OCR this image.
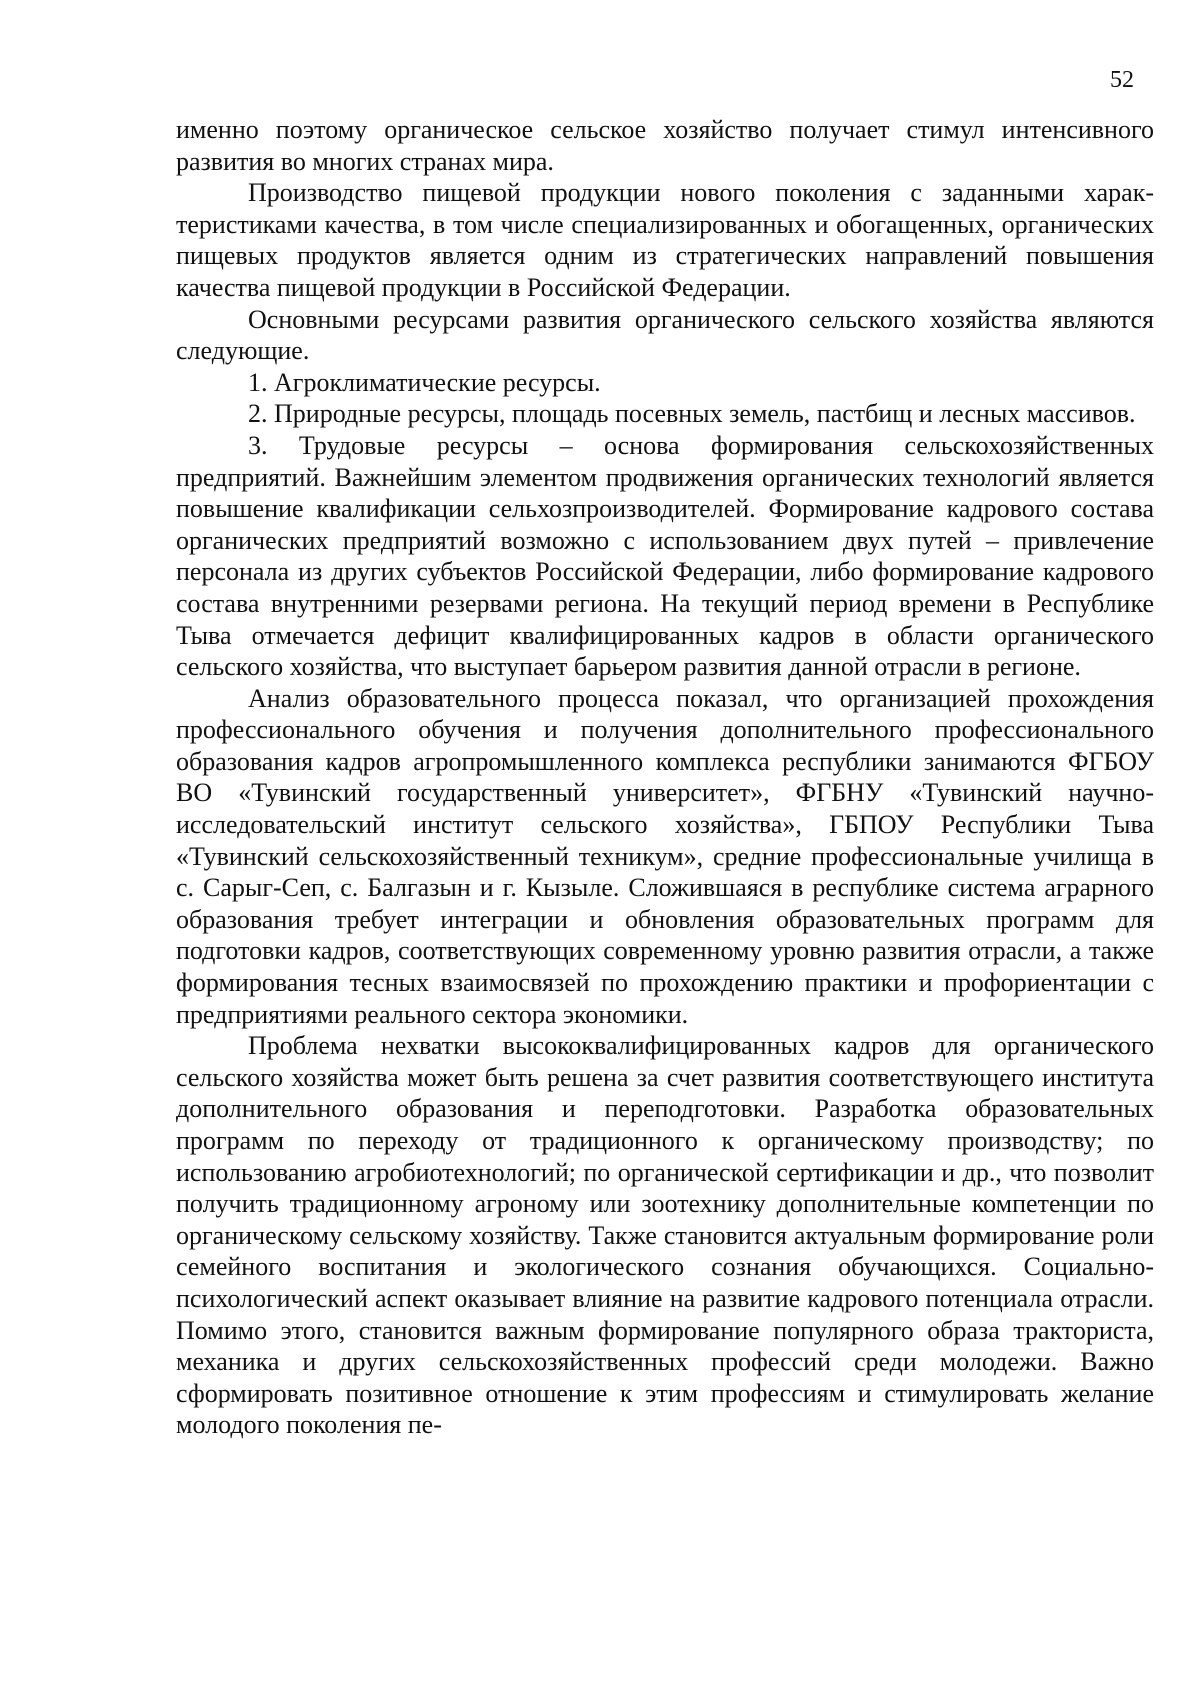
52

именно поэтому органическое сельское хозяйство получает стимул интенсивного развития во многих странах мира.

Производство пищевой продукции нового поколения с заданными характеристиками качества, в том числе специализированных и обогащенных, органических пищевых продуктов является одним из стратегических направлений повышения качества пищевой продукции в Российской Федерации.

Основными ресурсами развития органического сельского хозяйства являются следующие.

1. Агроклиматические ресурсы.

2. Природные ресурсы, площадь посевных земель, пастбищ и лесных массивов.

3. Трудовые ресурсы – основа формирования сельскохозяйственных предприятий. Важнейшим элементом продвижения органических технологий является повышение квалификации сельхозпроизводителей. Формирование кадрового состава органических предприятий возможно с использованием двух путей – привлечение персонала из других субъектов Российской Федерации, либо формирование кадрового состава внутренними резервами региона. На текущий период времени в Республике Тыва отмечается дефицит квалифицированных кадров в области органического сельского хозяйства, что выступает барьером развития данной отрасли в регионе.

Анализ образовательного процесса показал, что организацией прохождения профессионального обучения и получения дополнительного профессионального образования кадров агропромышленного комплекса республики занимаются ФГБОУ ВО «Тувинский государственный университет», ФГБНУ «Тувинский научно-исследовательский институт сельского хозяйства», ГБПОУ Республики Тыва «Тувинский сельскохозяйственный техникум», средние профессиональные училища в с. Сарыг-Сеп, с. Балгазын и г. Кызыле. Сложившаяся в республике система аграрного образования требует интеграции и обновления образовательных программ для подготовки кадров, соответствующих современному уровню развития отрасли, а также формирования тесных взаимосвязей по прохождению практики и профориентации с предприятиями реального сектора экономики.

Проблема нехватки высококвалифицированных кадров для органического сельского хозяйства может быть решена за счет развития соответствующего института дополнительного образования и переподготовки. Разработка образовательных программ по переходу от традиционного к органическому производству; по использованию агробиотехнологий; по органической сертификации и др., что позволит получить традиционному агроному или зоотехнику дополнительные компетенции по органическому сельскому хозяйству. Также становится актуальным формирование роли семейного воспитания и экологического сознания обучающихся. Социально-психологический аспект оказывает влияние на развитие кадрового потенциала отрасли. Помимо этого, становится важным формирование популярного образа тракториста, механика и других сельскохозяйственных профессий среди молодежи. Важно сформировать позитивное отношение к этим профессиям и стимулировать желание молодого поколения пе-
